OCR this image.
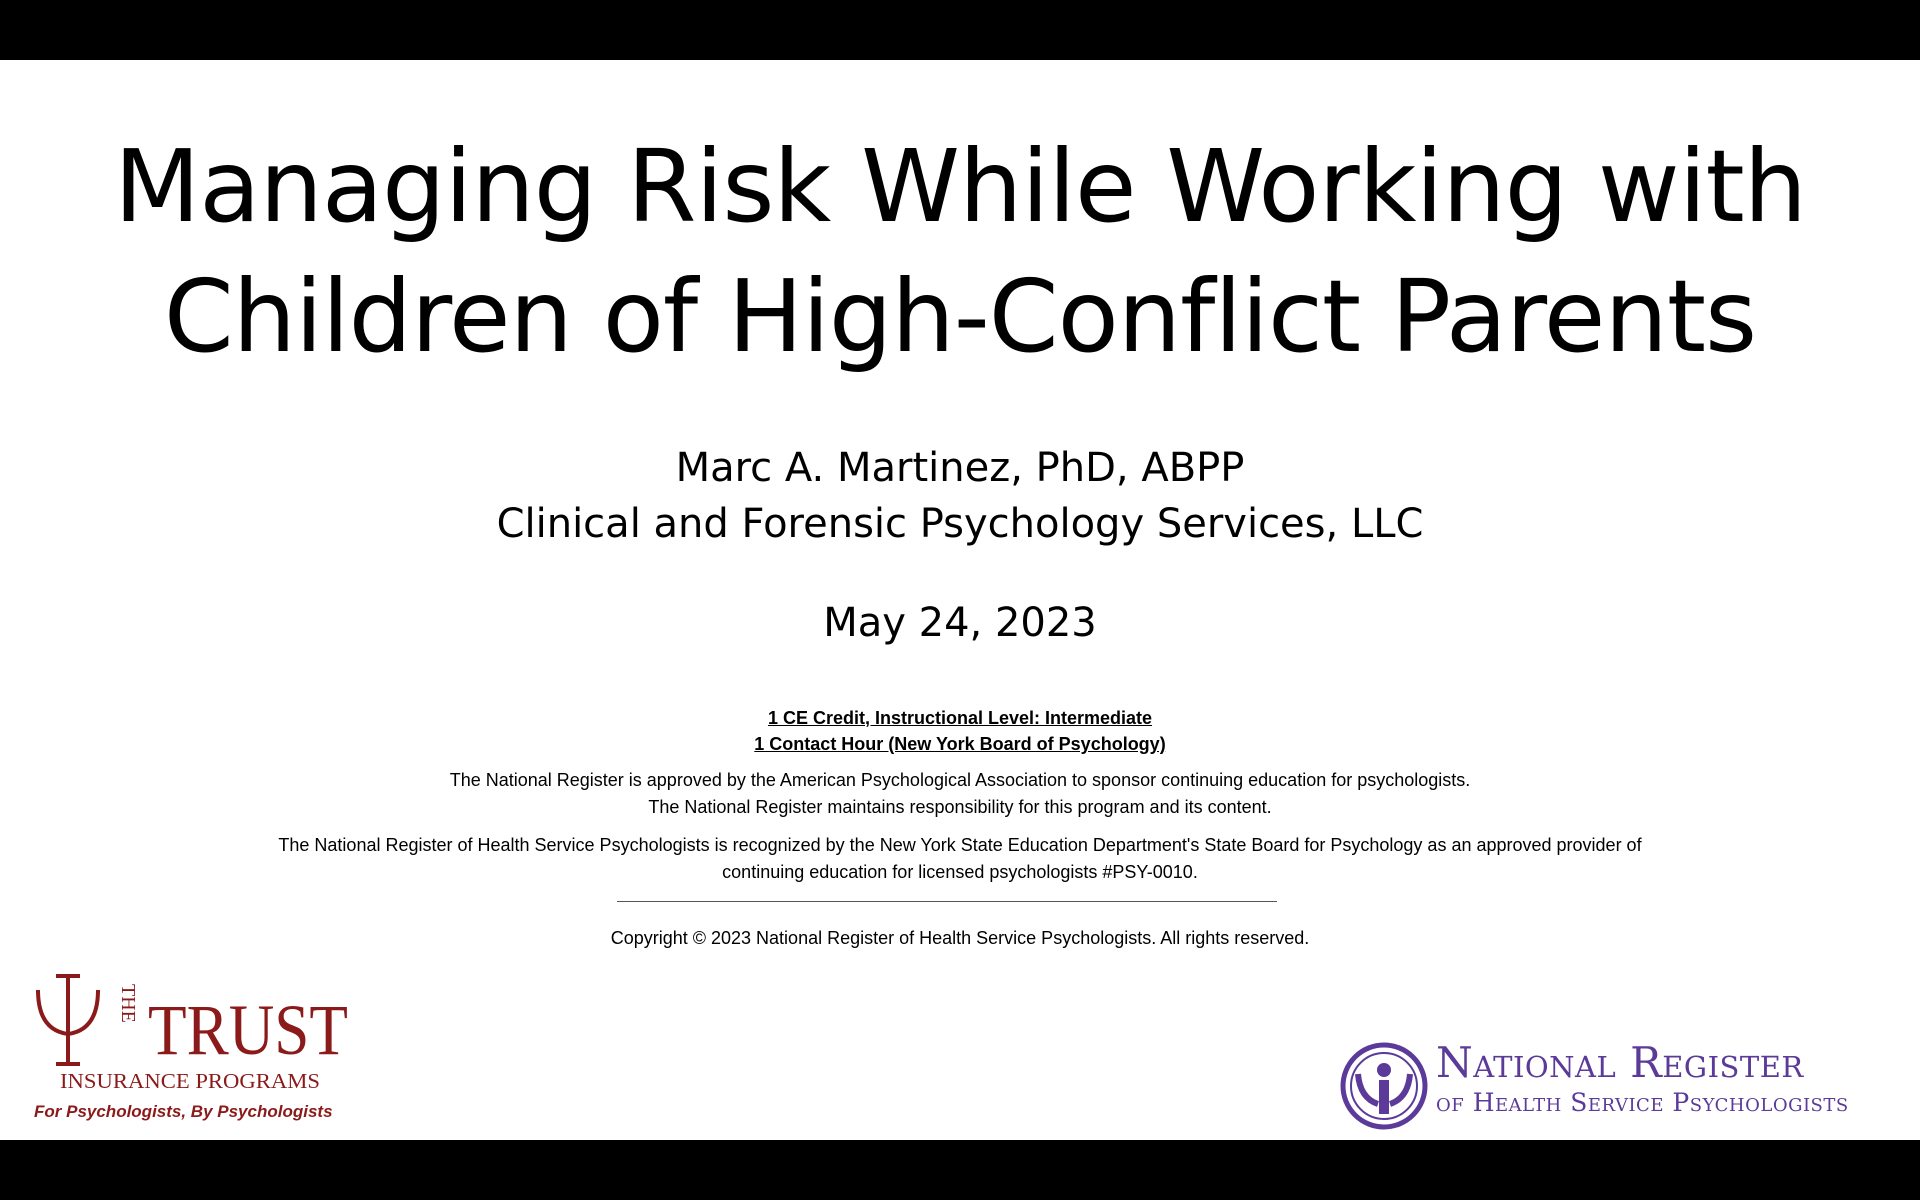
Managing Risk While Working with
Children of High-Conflict Parents
Marc A. Martinez, PhD, ABPP
Clinical and Forensic Psychology Services, LLC
May 24, 2023
1 CE Credit, Instructional Level: Intermediate
1 Contact Hour (New York Board of Psychology)
The National Register is approved by the American Psychological Association to sponsor continuing education for psychologists.
The National Register maintains responsibility for this program and its content.
The National Register of Health Service Psychologists is recognized by the New York State Education Department's State Board for Psychology as an approved provider of
continuing education for licensed psychologists #PSY-0010.
Copyright © 2023 National Register of Health Service Psychologists. All rights reserved.
THE TRUST
INSURANCE PROGRAMS
For Psychologists, By Psychologists
National Register
of Health Service Psychologists
